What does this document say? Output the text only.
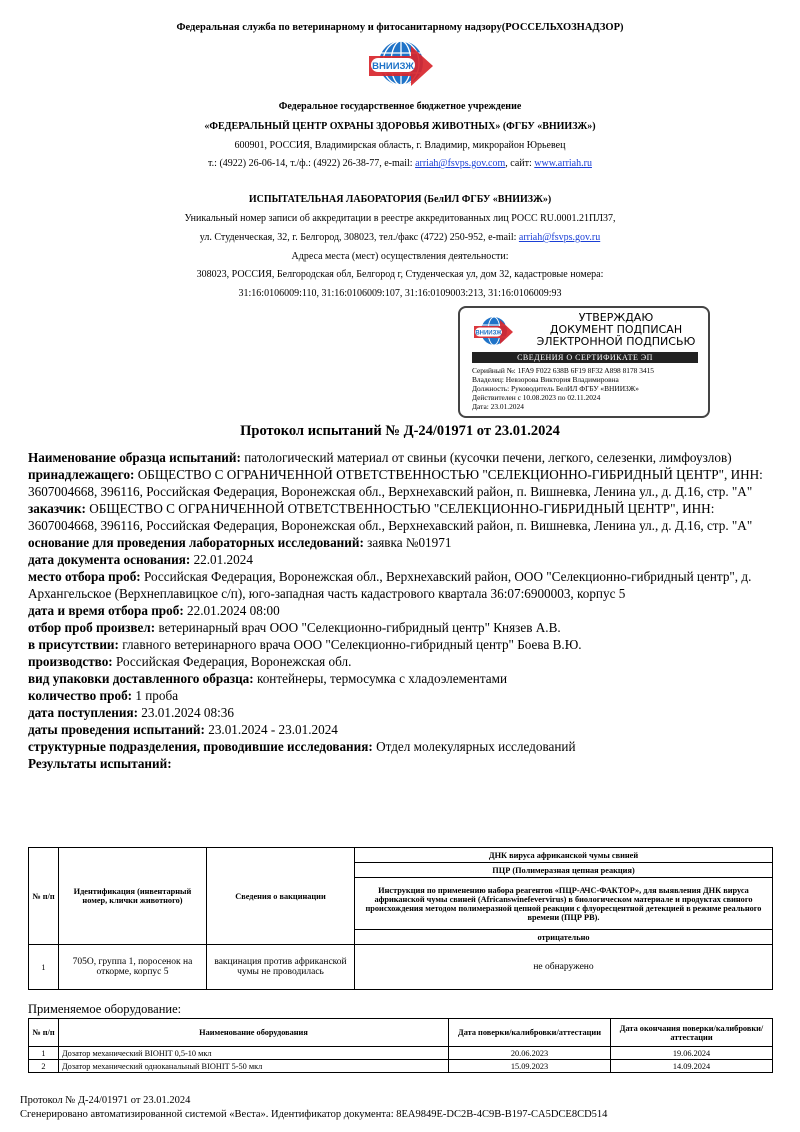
Федеральная служба по ветеринарному и фитосанитарному надзору(РОССЕЛЬХОЗНАДЗОР)
ВНИИЗЖ
Федеральное государственное бюджетное учреждение
«ФЕДЕРАЛЬНЫЙ ЦЕНТР ОХРАНЫ ЗДОРОВЬЯ ЖИВОТНЫХ» (ФГБУ «ВНИИЗЖ»)
600901, РОССИЯ, Владимирская область, г. Владимир, микрорайон Юрьевец
т.: (4922) 26-06-14, т./ф.: (4922) 26-38-77, e-mail: arriah@fsvps.gov.com, сайт: www.arriah.ru
ИСПЫТАТЕЛЬНАЯ ЛАБОРАТОРИЯ (БелИЛ ФГБУ «ВНИИЗЖ»)
Уникальный номер записи об аккредитации в реестре аккредитованных лиц РОСС RU.0001.21ПЛ37,
ул. Студенческая, 32, г. Белгород, 308023, тел./факс (4722) 250-952, e-mail: arriah@fsvps.gov.ru
Адреса места (мест) осуществления деятельности:
308023, РОССИЯ, Белгородская обл, Белгород г, Студенческая ул, дом 32, кадастровые номера:
31:16:0106009:110, 31:16:0106009:107, 31:16:0109003:213, 31:16:0106009:93
ВНИИЗЖ
УТВЕРЖДАЮ
ДОКУМЕНТ ПОДПИСАН
ЭЛЕКТРОННОЙ ПОДПИСЬЮ
СВЕДЕНИЯ О СЕРТИФИКАТЕ ЭП
Серийный №: 1FA9 F022 638B 6F19 8F32 A898 8178 3415
Владелец: Невзорова Виктория Владимировна
Должность: Руководитель БелИЛ ФГБУ «ВНИИЗЖ»
Действителен с 10.08.2023 по 02.11.2024
Дата: 23.01.2024
Протокол испытаний № Д-24/01971 от 23.01.2024

Наименование образца испытаний: патологический материал от свиньи (кусочки печени, легкого, селезенки, лимфоузлов)

принадлежащего: ОБЩЕСТВО С ОГРАНИЧЕННОЙ ОТВЕТСТВЕННОСТЬЮ "СЕЛЕКЦИОННО-ГИБРИДНЫЙ ЦЕНТР", ИНН: 3607004668, 396116, Российская Федерация, Воронежская обл., Верхнехавский район, п. Вишневка, Ленина ул., д. Д.16, стр. "А"

заказчик: ОБЩЕСТВО С ОГРАНИЧЕННОЙ ОТВЕТСТВЕННОСТЬЮ "СЕЛЕКЦИОННО-ГИБРИДНЫЙ ЦЕНТР", ИНН: 3607004668, 396116, Российская Федерация, Воронежская обл., Верхнехавский район, п. Вишневка, Ленина ул., д. Д.16, стр. "А"

основание для проведения лабораторных исследований: заявка №01971

дата документа основания: 22.01.2024

место отбора проб: Российская Федерация, Воронежская обл., Верхнехавский район, ООО "Селекционно-гибридный центр", д. Архангельское (Верхнеплавицкое с/п), юго-западная часть кадастрового квартала 36:07:6900003, корпус 5

дата и время отбора проб: 22.01.2024 08:00

отбор проб произвел: ветеринарный врач ООО "Селекционно-гибридный центр" Князев А.В.

в присутствии: главного ветеринарного врача ООО "Селекционно-гибридный центр" Боева В.Ю.

производство: Российская Федерация, Воронежская обл.

вид упаковки доставленного образца: контейнеры, термосумка с хладоэлементами

количество проб: 1 проба

дата поступления: 23.01.2024 08:36

даты проведения испытаний: 23.01.2024 - 23.01.2024

структурные подразделения, проводившие исследования: Отдел молекулярных исследований

Результаты испытаний:

№ п/п	Идентификация (инвентарный номер, клички животного)	Сведения о вакцинации	ДНК вируса африканской чумы свиней
			ПЦР (Полимеразная цепная реакция)
			Инструкция по применению набора реагентов «ПЦР-АЧС-ФАКТОР», для выявления ДНК вируса африканской чумы свиней (Africanswinefevervirus) в биологическом материале и продуктах свиного происхождения методом полимеразной цепной реакции с флуоресцентной детекцией в режиме реального времени (ПЦР РВ).
			отрицательно
1	705О, группа 1, поросенок на откорме, корпус 5	вакцинация против африканской чумы не проводилась	не обнаружено
Применяемое оборудование:
№ п/п	Наименование оборудования	Дата поверки/калибровки/аттестации	Дата окончания поверки/калибровки/аттестации
1	Дозатор механический BIOHIT 0,5-10 мкл	20.06.2023	19.06.2024
2	Дозатор механический одноканальный BIOHIT 5-50 мкл	15.09.2023	14.09.2024
Протокол № Д-24/01971 от 23.01.2024
Сгенерировано автоматизированной системой «Веста». Идентификатор документа: 8EA9849E-DC2B-4C9B-B197-CA5DCE8CD514
